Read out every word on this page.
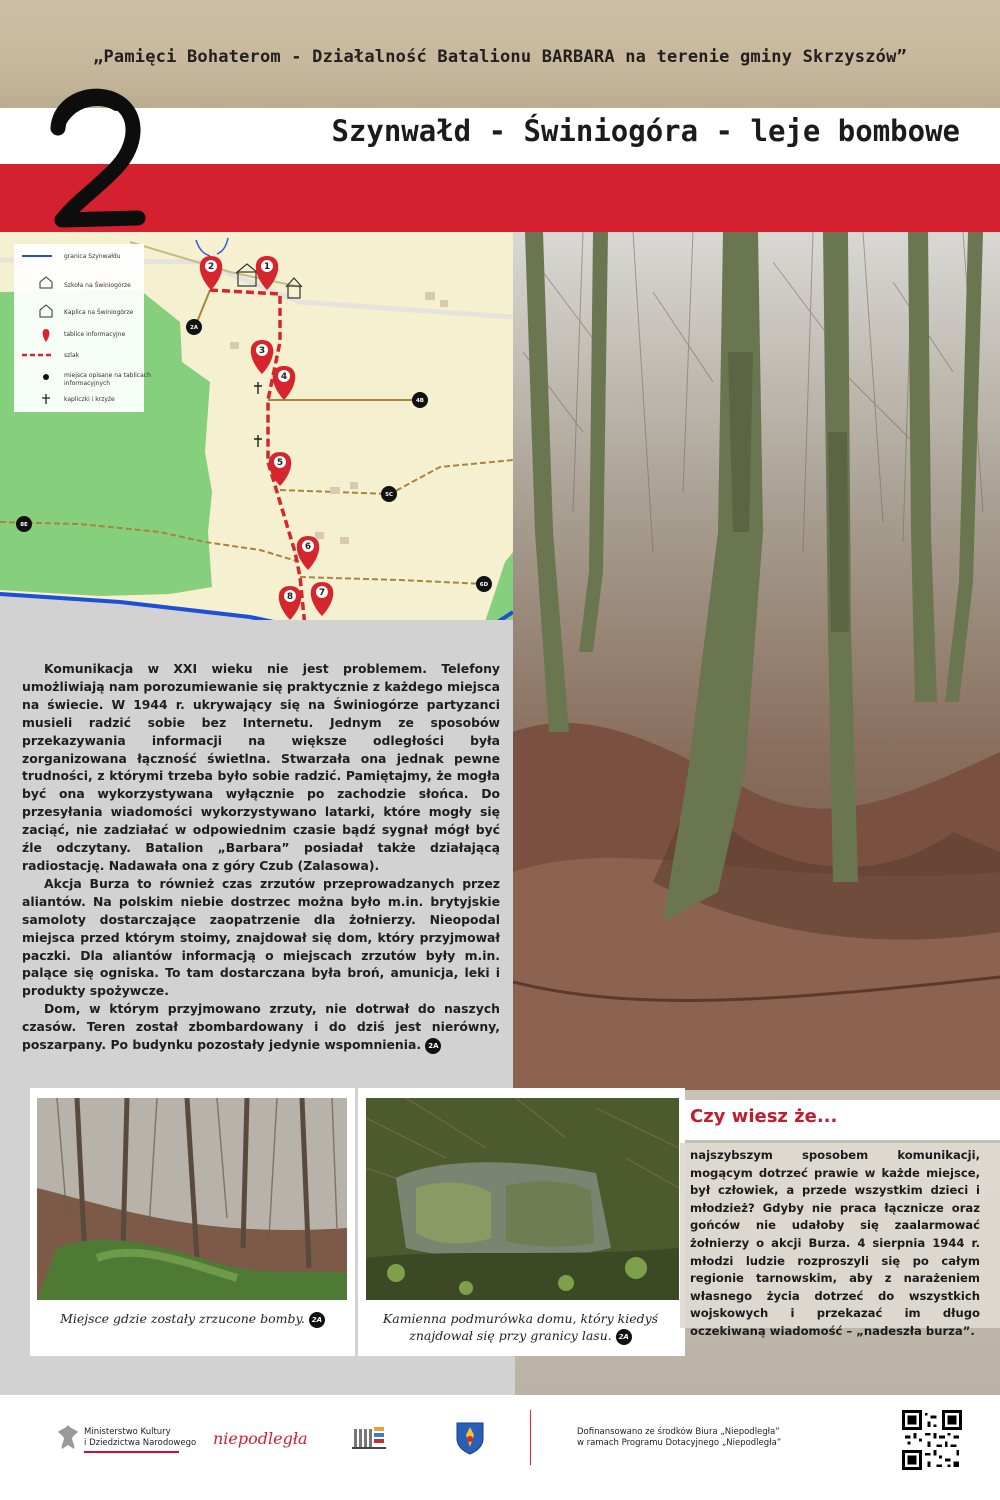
„Pamięci Bohaterom - Działalność Batalionu BARBARA na terenie gminy Skrzyszów”
2
Szynwałd - Świniogóra - leje bombowe
granica Szynwałdu
Szkoła na Świniogórze
Kaplica na Świniogórze
tablice informacyjne
szlak
miejsca opisane na tablicach
informacyjnych
kapliczki i krzyże
1
2
3
4
5
6
7
8
2A
4B
5C
6D
8E

Komunikacja w XXI wieku nie jest problemem. Telefony umożliwiają nam porozumiewanie się praktycznie z każdego miejsca na świecie. W 1944 r. ukrywający się na Świniogórze partyzanci musieli radzić sobie bez Internetu. Jednym ze sposobów przekazywania informacji na większe odległości była zorganizowana łączność świetlna. Stwarzała ona jednak pewne trudności, z którymi trzeba było sobie radzić. Pamiętajmy, że mogła być ona wykorzystywana wyłącznie po zachodzie słońca. Do przesyłania wiadomości wykorzystywano latarki, które mogły się zaciąć, nie zadziałać w odpowiednim czasie bądź sygnał mógł być źle odczytany. Batalion „Barbara” posiadał także działającą radiostację. Nadawała ona z góry Czub (Zalasowa).

Akcja Burza to również czas zrzutów przeprowadzanych przez aliantów. Na polskim niebie dostrzec można było m.in. brytyjskie samoloty dostarczające zaopatrzenie dla żołnierzy. Nieopodal miejsca przed którym stoimy, znajdował się dom, który przyjmował paczki. Dla aliantów informacją o miejscach zrzutów były m.in. palące się ogniska. To tam dostarczana była broń, amunicja, leki i produkty spożywcze.

Dom, w którym przyjmowano zrzuty, nie dotrwał do naszych czasów. Teren został zbombardowany i do dziś jest nierówny, poszarpany. Po budynku pozostały jedynie wspomnienia. 2A

Miejsce gdzie zostały zrzucone bomby. 2A	Kamienna podmurówka domu, który kiedyś znajdował się przy granicy lasu. 2A
Czy wiesz że...
najszybszym sposobem komunikacji, mogącym dotrzeć prawie w każde miejsce, był człowiek, a przede wszystkim dzieci i młodzież? Gdyby nie praca łącznicze oraz gońców nie udałoby się zaalarmować żołnierzy o akcji Burza. 4 sierpnia 1944 r. młodzi ludzie rozproszyli się po całym regionie tarnowskim, aby z narażeniem własnego życia dotrzeć do wszystkich wojskowych i przekazać im długo oczekiwaną wiadomość – „nadeszła burza”.
Ministerstwo Kultury
i Dziedzictwa Narodowego niepodległa	Dofinansowano ze środków Biura „Niepodległa”
w ramach Programu Dotacyjnego „Niepodległa”
